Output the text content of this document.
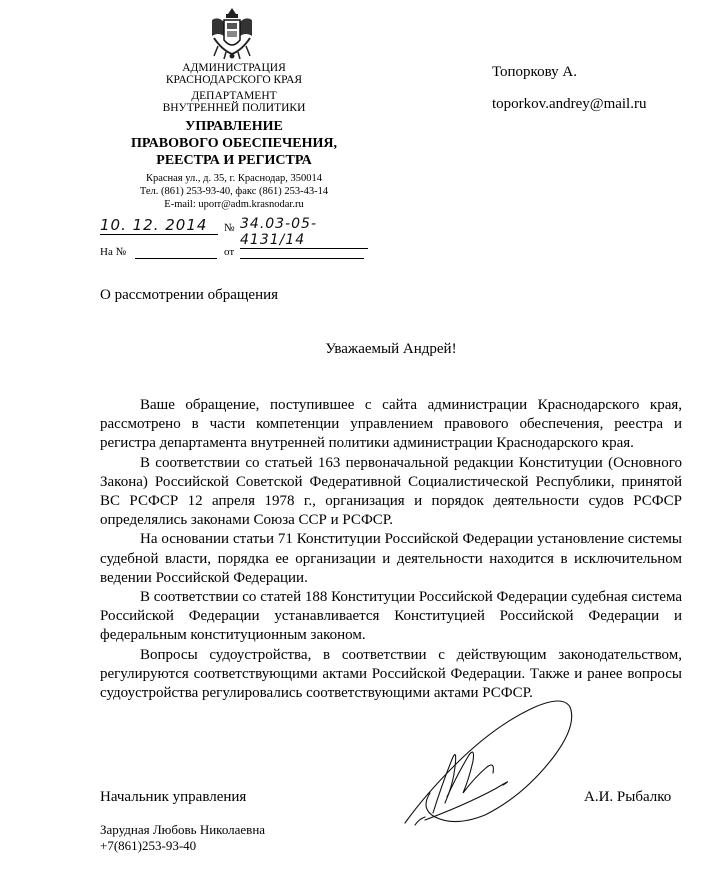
АДМИНИСТРАЦИЯ
КРАСНОДАРСКОГО КРАЯ
ДЕПАРТАМЕНТ
ВНУТРЕННЕЙ ПОЛИТИКИ
УПРАВЛЕНИЕ
ПРАВОВОГО ОБЕСПЕЧЕНИЯ,
РЕЕСТРА И РЕГИСТРА
Красная ул., д. 35, г. Краснодар, 350014
Тел. (861) 253-93-40, факс (861) 253-43-14
E-mail: uporr@adm.krasnodar.ru
10. 12. 2014	№ 34.03-05-4131/14
На №	от
Топоркову А.
toporkov.andrey@mail.ru
О рассмотрении обращения
Уважаемый Андрей!

Ваше обращение, поступившее с сайта администрации Краснодарского края, рассмотрено в части компетенции управлением правового обеспечения, реестра и регистра департамента внутренней политики администрации Краснодарского края.

В соответствии со статьей 163 первоначальной редакции Конституции (Основного Закона) Российской Советской Федеративной Социалистической Республики, принятой ВС РСФСР 12 апреля 1978 г., организация и порядок деятельности судов РСФСР определялись законами Союза ССР и РСФСР.

На основании статьи 71 Конституции Российской Федерации установление системы судебной власти, порядка ее организации и деятельности находится в исключительном ведении Российской Федерации.

В соответствии со статей 188 Конституции Российской Федерации судебная система Российской Федерации устанавливается Конституцией Российской Федерации и федеральным конституционным законом.

Вопросы судоустройства, в соответствии с действующим законодательством, регулируются соответствующими актами Российской Федерации. Также и ранее вопросы судоустройства регулировались соответствующими актами РСФСР.

Начальник управления	А.И. Рыбалко
Зарудная Любовь Николаевна
+7(861)253-93-40
